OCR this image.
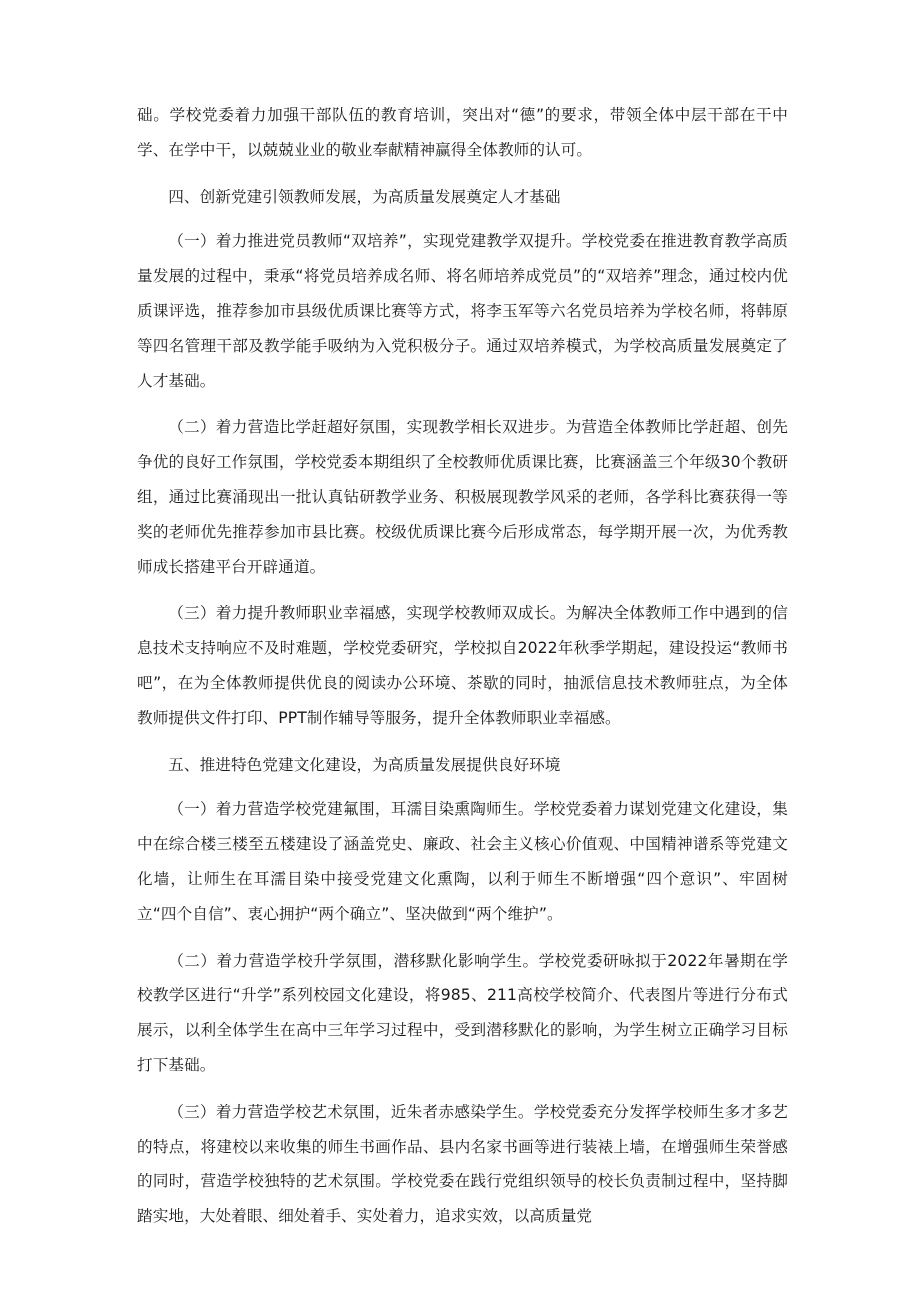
础。学校党委着力加强干部队伍的教育培训，突出对“德”的要求，带领全体中层干部在干中学、在学中干，以兢兢业业的敬业奉献精神赢得全体教师的认可。

四、创新党建引领教师发展，为高质量发展奠定人才基础

（一）着力推进党员教师“双培养”，实现党建教学双提升。学校党委在推进教育教学高质量发展的过程中，秉承“将党员培养成名师、将名师培养成党员”的“双培养”理念，通过校内优质课评选，推荐参加市县级优质课比赛等方式，将李玉军等六名党员培养为学校名师，将韩原等四名管理干部及教学能手吸纳为入党积极分子。通过双培养模式，为学校高质量发展奠定了人才基础。

（二）着力营造比学赶超好氛围，实现教学相长双进步。为营造全体教师比学赶超、创先争优的良好工作氛围，学校党委本期组织了全校教师优质课比赛，比赛涵盖三个年级30个教研组，通过比赛涌现出一批认真钻研教学业务、积极展现教学风采的老师，各学科比赛获得一等奖的老师优先推荐参加市县比赛。校级优质课比赛今后形成常态，每学期开展一次，为优秀教师成长搭建平台开辟通道。

（三）着力提升教师职业幸福感，实现学校教师双成长。为解决全体教师工作中遇到的信息技术支持响应不及时难题，学校党委研究，学校拟自2022年秋季学期起，建设投运“教师书吧”，在为全体教师提供优良的阅读办公环境、茶歇的同时，抽派信息技术教师驻点，为全体教师提供文件打印、PPT制作辅导等服务，提升全体教师职业幸福感。

五、推进特色党建文化建设，为高质量发展提供良好环境

（一）着力营造学校党建氟围，耳濡目染熏陶师生。学校党委着力谋划党建文化建设，集中在综合楼三楼至五楼建设了涵盖党史、廉政、社会主义核心价值观、中国精神谱系等党建文化墙，让师生在耳濡目染中接受党建文化熏陶，以利于师生不断增强“四个意识”、牢固树立“四个自信”、衷心拥护“两个确立”、坚决做到“两个维护”。

（二）着力营造学校升学氛围，潜移默化影响学生。学校党委研咏拟于2022年暑期在学校教学区进行“升学”系列校园文化建设，将985、211高校学校简介、代表图片等进行分布式展示，以利全体学生在高中三年学习过程中，受到潜移默化的影响，为学生树立正确学习目标打下基础。

（三）着力营造学校艺术氛围，近朱者赤感染学生。学校党委充分发挥学校师生多才多艺的特点，将建校以来收集的师生书画作品、县内名家书画等进行装裱上墙，在增强师生荣誉感的同时，营造学校独特的艺术氛围。学校党委在践行党组织领导的校长负责制过程中，坚持脚踏实地，大处着眼、细处着手、实处着力，追求实效，以高质量党
